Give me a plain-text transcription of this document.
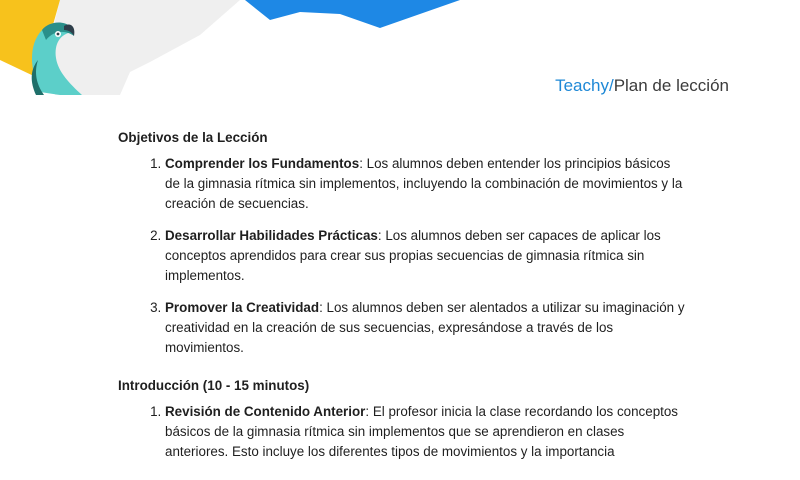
Teachy/Plan de lección
Objetivos de la Lección
1. Comprender los Fundamentos: Los alumnos deben entender los principios básicos de la gimnasia rítmica sin implementos, incluyendo la combinación de movimientos y la creación de secuencias.
2. Desarrollar Habilidades Prácticas: Los alumnos deben ser capaces de aplicar los conceptos aprendidos para crear sus propias secuencias de gimnasia rítmica sin implementos.
3. Promover la Creatividad: Los alumnos deben ser alentados a utilizar su imaginación y creatividad en la creación de sus secuencias, expresándose a través de los movimientos.
Introducción (10 - 15 minutos)
1. Revisión de Contenido Anterior: El profesor inicia la clase recordando los conceptos básicos de la gimnasia rítmica sin implementos que se aprendieron en clases anteriores. Esto incluye los diferentes tipos de movimientos y la importancia
